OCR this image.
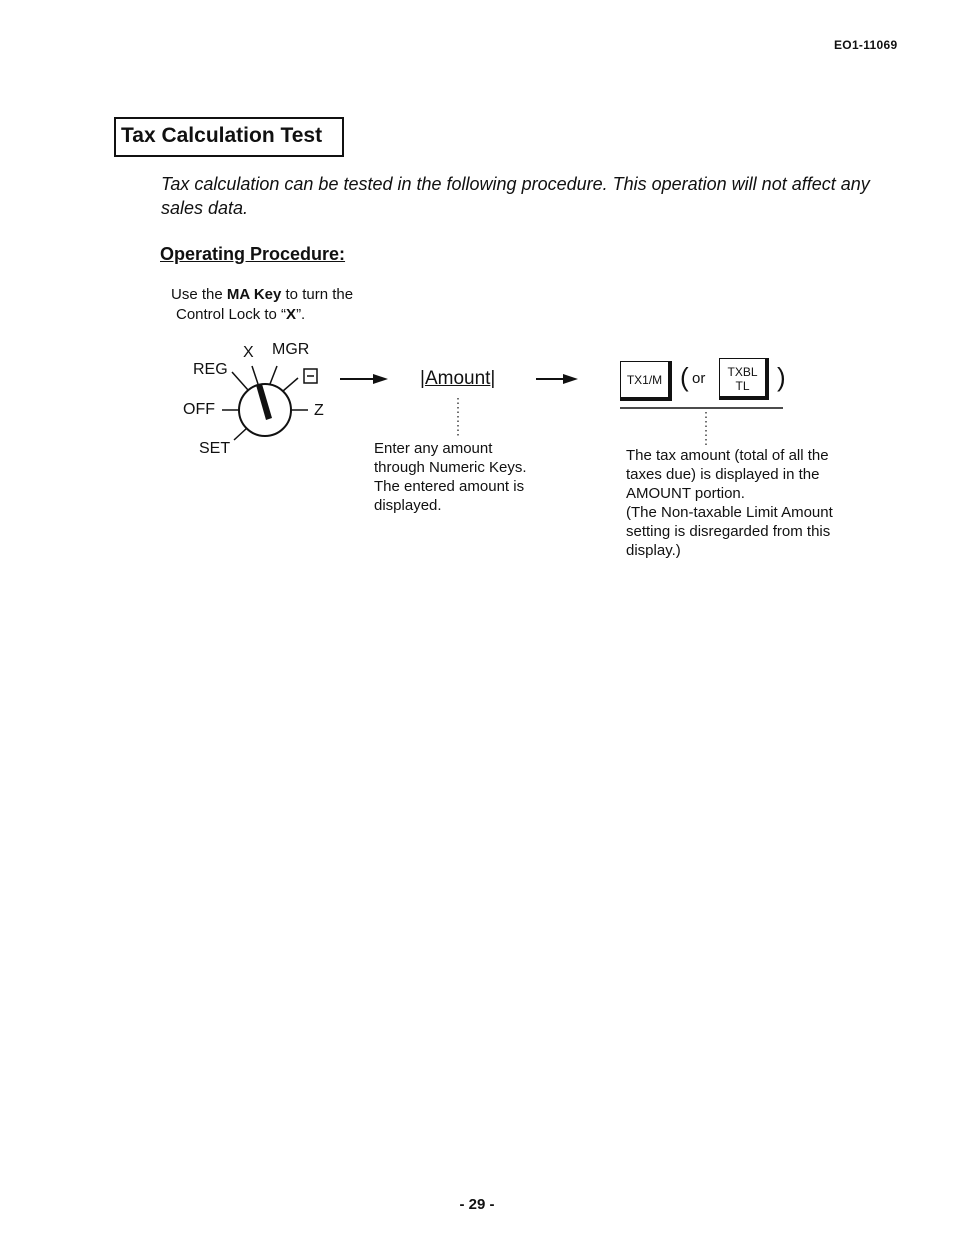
EO1-11069
Tax Calculation Test
Tax calculation can be tested in the following procedure. This operation will not affect any sales data.
Operating Procedure:
Use the MA Key to turn the
Control Lock to “X”.
X MGR
REG
OFF	Z
SET
|Amount|
Enter any amount
through Numeric Keys.
The entered amount is
displayed.
TX1/M ( or	TXBL
TL	)
The tax amount (total of all the
taxes due) is displayed in the
AMOUNT portion.
(The Non-taxable Limit Amount
setting is disregarded from this
display.)
- 29 -
